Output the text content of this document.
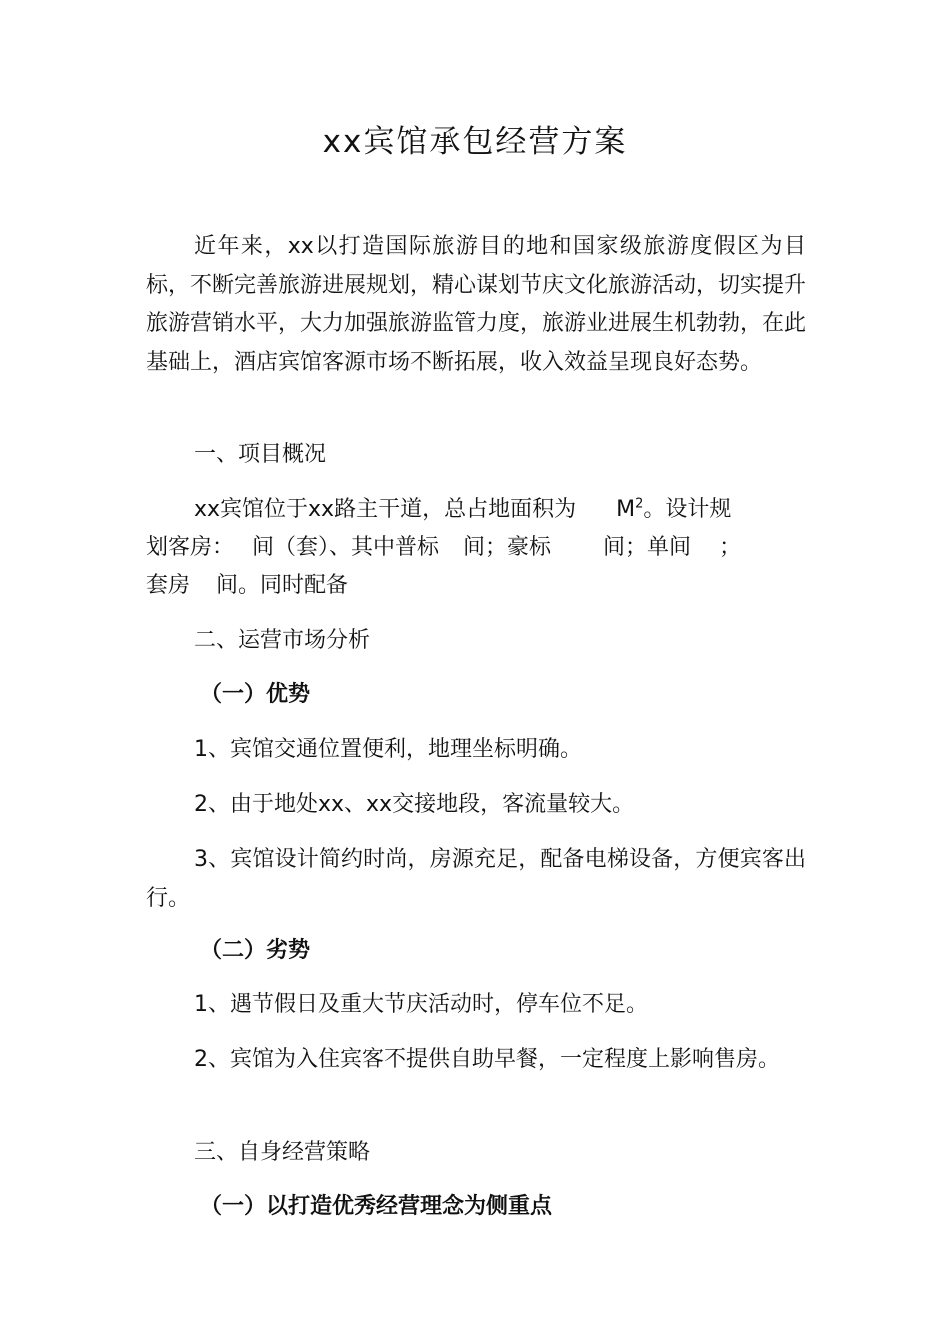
xx宾馆承包经营方案

近年来，xx以打造国际旅游目的地和国家级旅游度假区为目标，不断完善旅游进展规划，精心谋划节庆文化旅游活动，切实提升旅游营销水平，大力加强旅游监管力度，旅游业进展生机勃勃，在此基础上，酒店宾馆客源市场不断拓展，收入效益呈现良好态势。

一、项目概况
xx宾馆位于xx路主干道，总占地面积为 $M^2$。设计规
划客房： 间（套）、其中普标 间；豪标 间；单间 ；
套房 间。同时配备
二、运营市场分析
（一）优势
1、宾馆交通位置便利，地理坐标明确。
2、由于地处xx、xx交接地段，客流量较大。

3、宾馆设计简约时尚，房源充足，配备电梯设备，方便宾客出行。

（二）劣势
1、遇节假日及重大节庆活动时，停车位不足。

2、宾馆为入住宾客不提供自助早餐，一定程度上影响售房。

三、自身经营策略
（一）以打造优秀经营理念为侧重点
